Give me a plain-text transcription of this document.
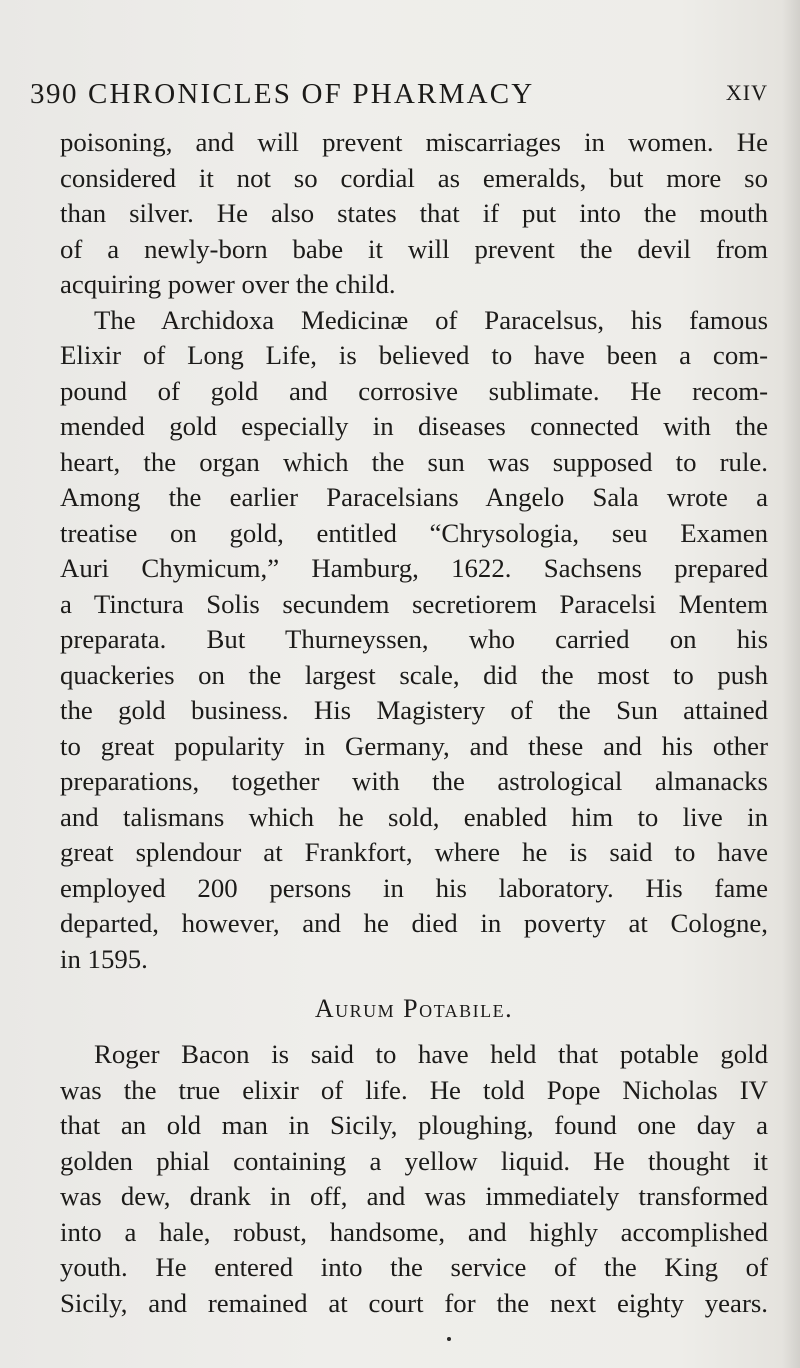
390 CHRONICLES OF PHARMACY	XIV
poisoning, and will prevent miscarriages in women. He
considered it not so cordial as emeralds, but more so
than silver. He also states that if put into the mouth
of a newly-born babe it will prevent the devil from
acquiring power over the child.
The Archidoxa Medicinæ of Paracelsus, his famous
Elixir of Long Life, is believed to have been a com-
pound of gold and corrosive sublimate. He recom-
mended gold especially in diseases connected with the
heart, the organ which the sun was supposed to rule.
Among the earlier Paracelsians Angelo Sala wrote a
treatise on gold, entitled “Chrysologia, seu Examen
Auri Chymicum,” Hamburg, 1622. Sachsens prepared
a Tinctura Solis secundem secretiorem Paracelsi Mentem
preparata. But Thurneyssen, who carried on his
quackeries on the largest scale, did the most to push
the gold business. His Magistery of the Sun attained
to great popularity in Germany, and these and his other
preparations, together with the astrological almanacks
and talismans which he sold, enabled him to live in
great splendour at Frankfort, where he is said to have
employed 200 persons in his laboratory. His fame
departed, however, and he died in poverty at Cologne,
in 1595.
Aurum Potabile.
Roger Bacon is said to have held that potable gold
was the true elixir of life. He told Pope Nicholas IV
that an old man in Sicily, ploughing, found one day a
golden phial containing a yellow liquid. He thought it
was dew, drank in off, and was immediately transformed
into a hale, robust, handsome, and highly accomplished
youth. He entered into the service of the King of
Sicily, and remained at court for the next eighty years.
